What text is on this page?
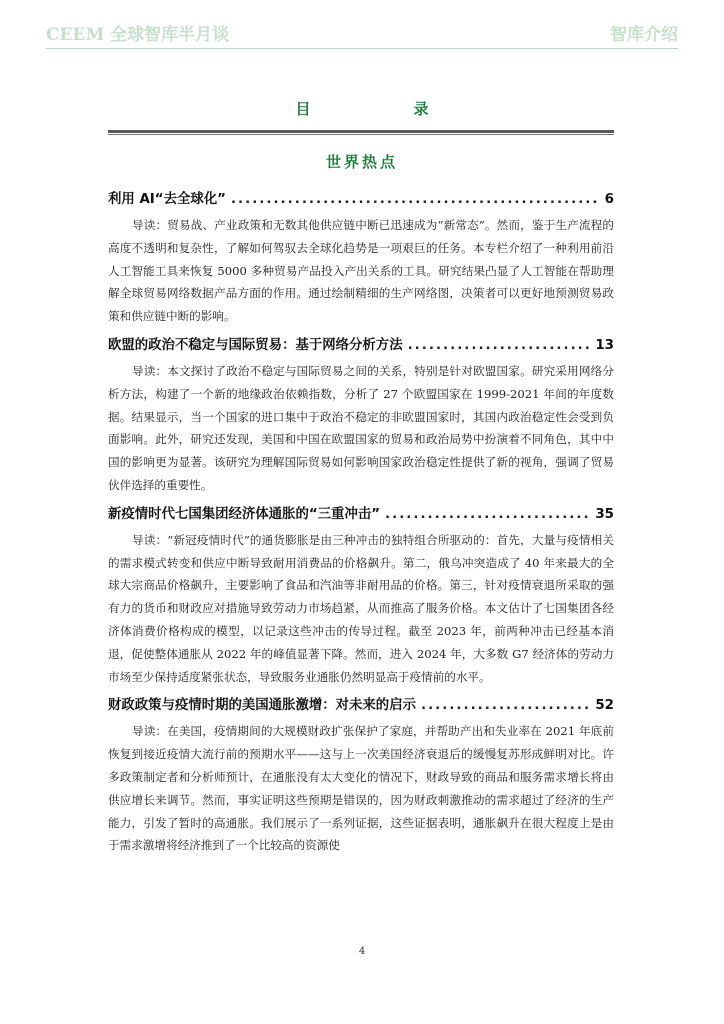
CEEM 全球智库半月谈	智库介绍
目　录
世界热点
利用 AI“去全球化” .....	6

导读：贸易战、产业政策和无数其他供应链中断已迅速成为“新常态”。然而，鉴于生产流程的高度不透明和复杂性，了解如何驾驭去全球化趋势是一项艰巨的任务。本专栏介绍了一种利用前沿人工智能工具来恢复 5000 多种贸易产品投入产出关系的工具。研究结果凸显了人工智能在帮助理解全球贸易网络数据产品方面的作用。通过绘制精细的生产网络图，决策者可以更好地预测贸易政策和供应链中断的影响。

欧盟的政治不稳定与国际贸易：基于网络分析方法 .....	13

导读：本文探讨了政治不稳定与国际贸易之间的关系，特别是针对欧盟国家。研究采用网络分析方法，构建了一个新的地缘政治依赖指数，分析了 27 个欧盟国家在 1999-2021 年间的年度数据。结果显示，当一个国家的进口集中于政治不稳定的非欧盟国家时，其国内政治稳定性会受到负面影响。此外，研究还发现，美国和中国在欧盟国家的贸易和政治局势中扮演着不同角色，其中中国的影响更为显著。该研究为理解国际贸易如何影响国家政治稳定性提供了新的视角，强调了贸易伙伴选择的重要性。

新疫情时代七国集团经济体通胀的“三重冲击” .....	35

导读：“新冠疫情时代”的通货膨胀是由三种冲击的独特组合所驱动的：首先，大量与疫情相关的需求模式转变和供应中断导致耐用消费品的价格飙升。第二，俄乌冲突造成了 40 年来最大的全球大宗商品价格飙升，主要影响了食品和汽油等非耐用品的价格。第三，针对疫情衰退所采取的强有力的货币和财政应对措施导致劳动力市场趋紧，从而推高了服务价格。本文估计了七国集团各经济体消费价格构成的模型，以记录这些冲击的传导过程。截至 2023 年，前两种冲击已经基本消退，促使整体通胀从 2022 年的峰值显著下降。然而，进入 2024 年，大多数 G7 经济体的劳动力市场至少保持适度紧张状态，导致服务业通胀仍然明显高于疫情前的水平。

财政政策与疫情时期的美国通胀激增：对未来的启示 .....	52

导读：在美国，疫情期间的大规模财政扩张保护了家庭，并帮助产出和失业率在 2021 年底前恢复到接近疫情大流行前的预期水平——这与上一次美国经济衰退后的缓慢复苏形成鲜明对比。许多政策制定者和分析师预计，在通胀没有太大变化的情况下，财政导致的商品和服务需求增长将由供应增长来调节。然而，事实证明这些预期是错误的，因为财政刺激推动的需求超过了经济的生产能力，引发了暂时的高通胀。我们展示了一系列证据，这些证据表明，通胀飙升在很大程度上是由于需求激增将经济推到了一个比较高的资源使

4
